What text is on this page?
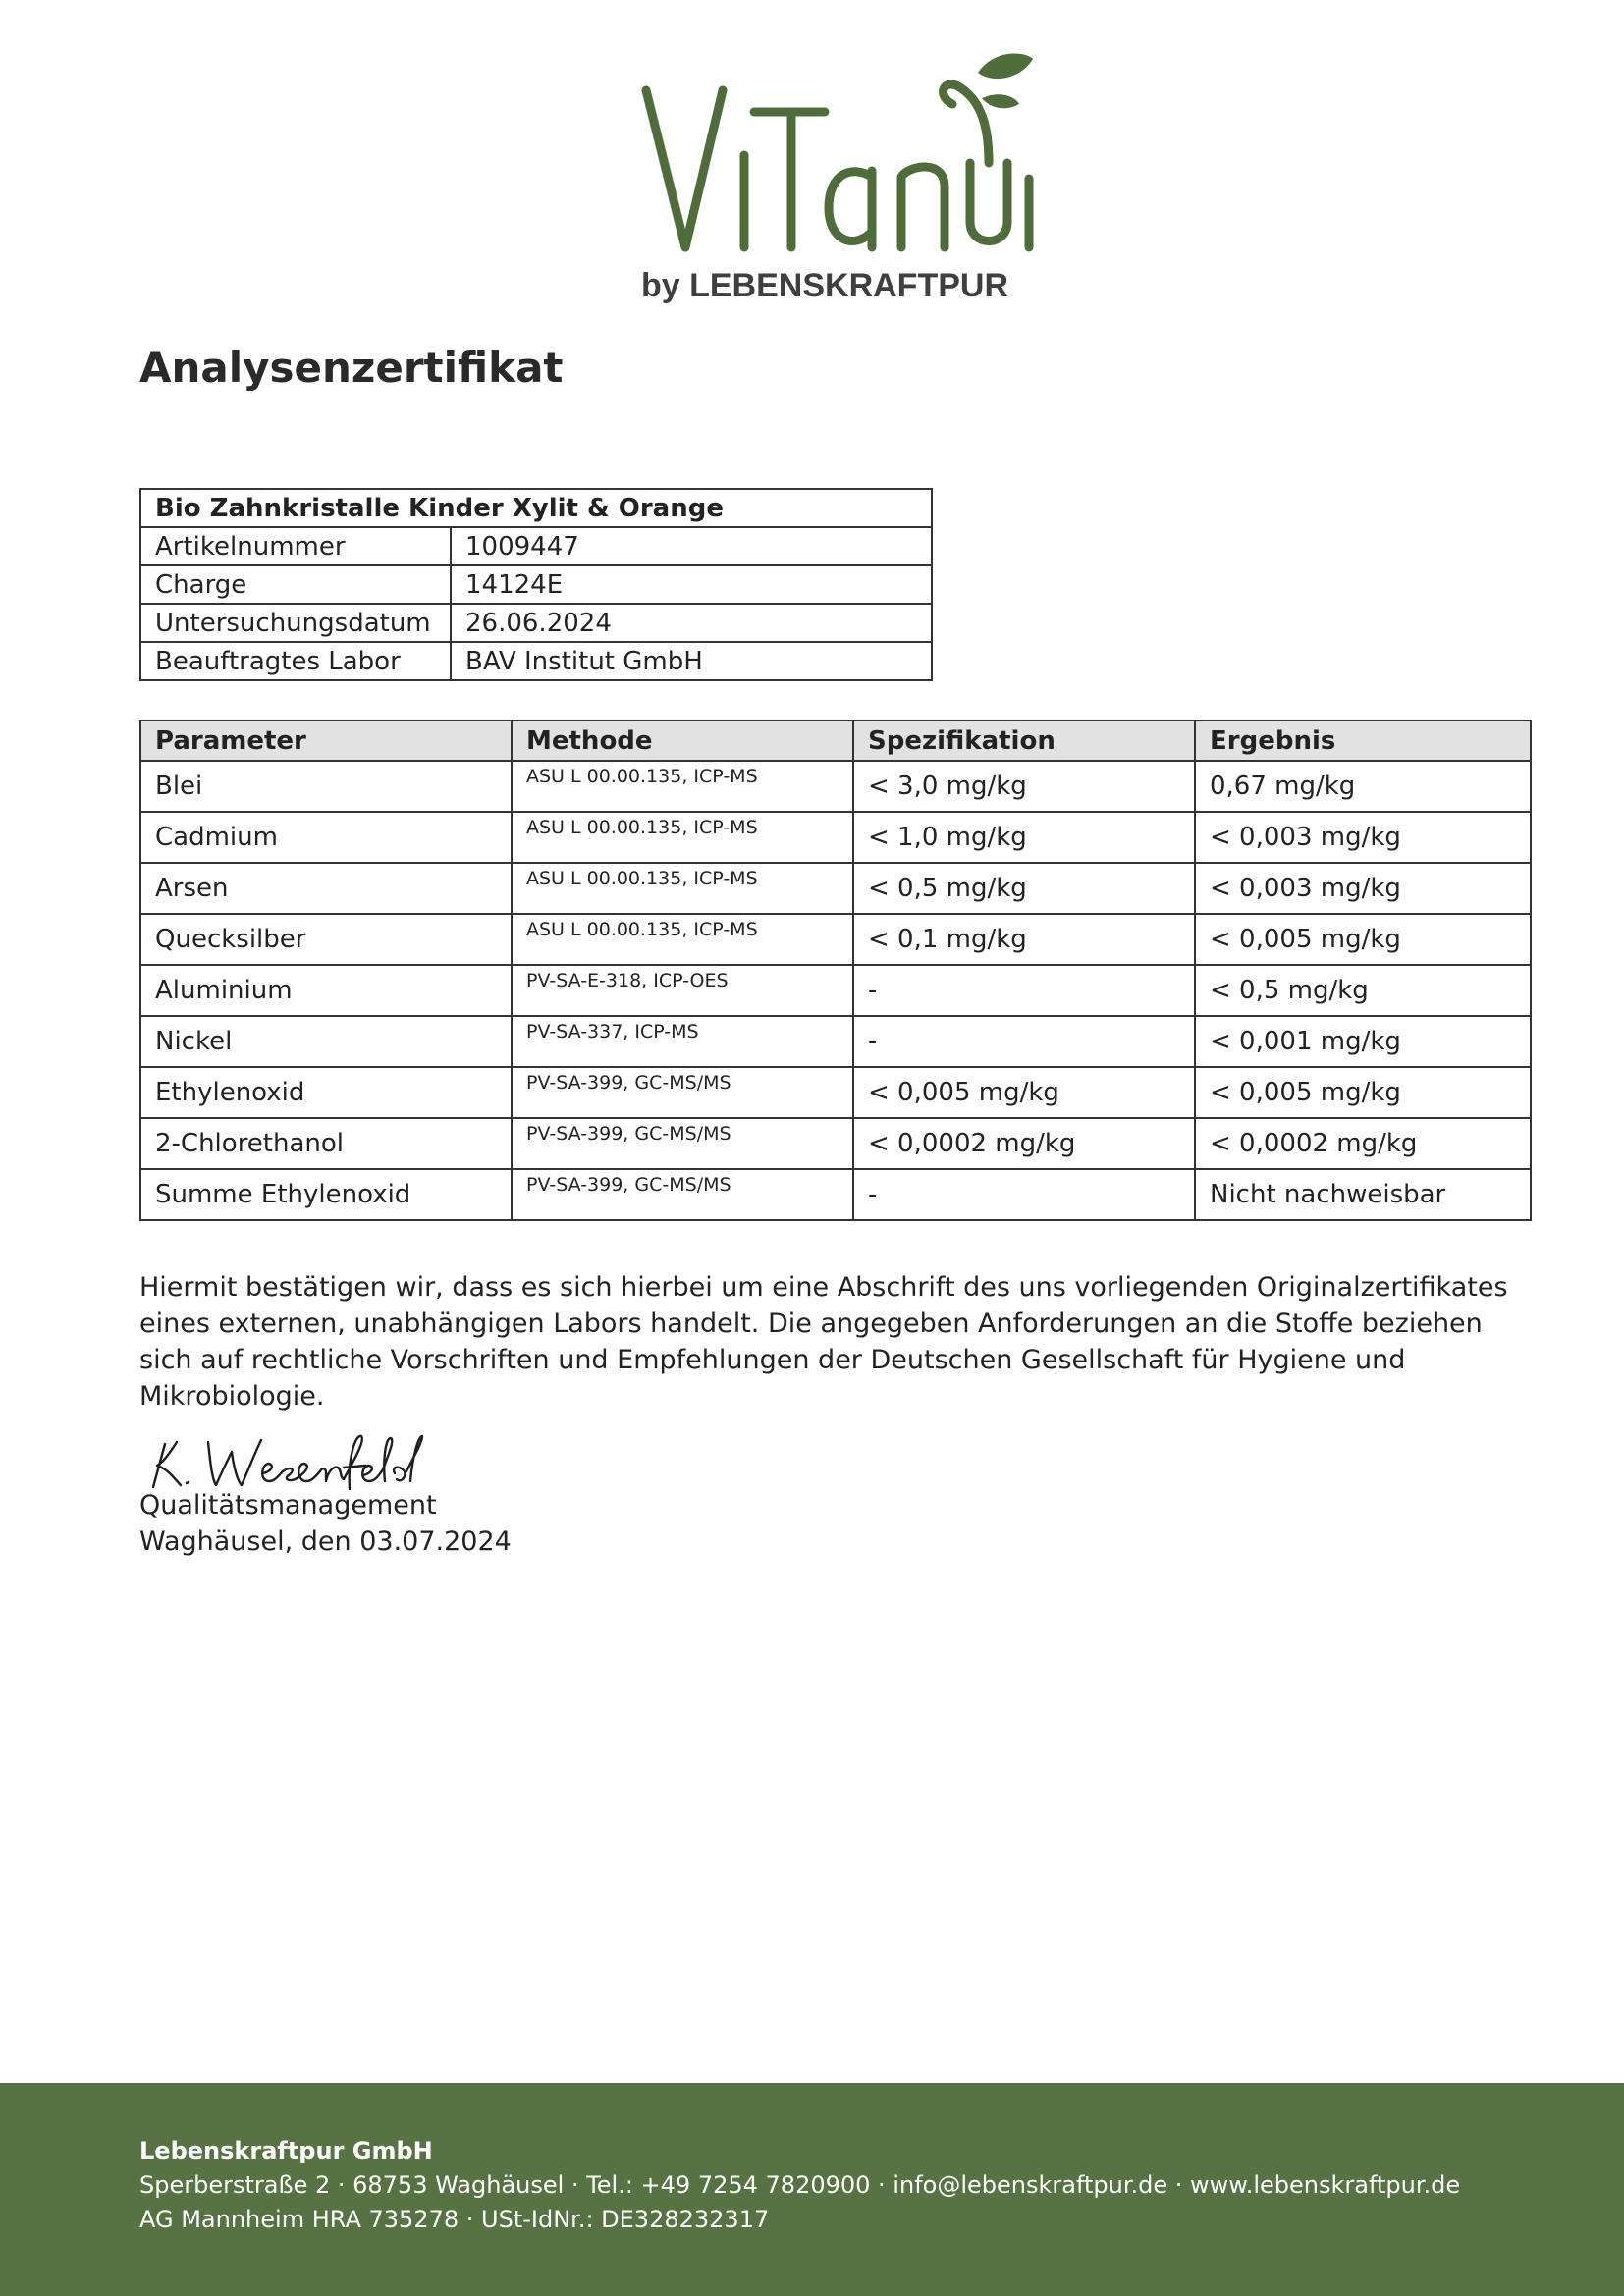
by LEBENSKRAFTPUR
Analysenzertifikat
Bio Zahnkristalle Kinder Xylit & Orange	
Artikelnummer	1009447
Charge	14124E
Untersuchungsdatum	26.06.2024
Beauftragtes Labor	BAV Institut GmbH
Parameter	Methode	Spezifikation	Ergebnis
Blei	ASU L 00.00.135, ICP-MS	< 3,0 mg/kg	0,67 mg/kg
Cadmium	ASU L 00.00.135, ICP-MS	< 1,0 mg/kg	< 0,003 mg/kg
Arsen	ASU L 00.00.135, ICP-MS	< 0,5 mg/kg	< 0,003 mg/kg
Quecksilber	ASU L 00.00.135, ICP-MS	< 0,1 mg/kg	< 0,005 mg/kg
Aluminium	PV-SA-E-318, ICP-OES	-	< 0,5 mg/kg
Nickel	PV-SA-337, ICP-MS	-	< 0,001 mg/kg
Ethylenoxid	PV-SA-399, GC-MS/MS	< 0,005 mg/kg	< 0,005 mg/kg
2-Chlorethanol	PV-SA-399, GC-MS/MS	< 0,0002 mg/kg	< 0,0002 mg/kg
Summe Ethylenoxid	PV-SA-399, GC-MS/MS	-	Nicht nachweisbar

Hiermit bestätigen wir, dass es sich hierbei um eine Abschrift des uns vorliegenden Originalzertifikates eines externen, unabhängigen Labors handelt. Die angegeben Anforderungen an die Stoffe beziehen sich auf rechtliche Vorschriften und Empfehlungen der Deutschen Gesellschaft für Hygiene und Mikrobiologie.

Qualitätsmanagement
Waghäusel, den 03.07.2024
Lebenskraftpur GmbH
Sperberstraße 2 · 68753 Waghäusel · Tel.: +49 7254 7820900 · info@lebenskraftpur.de · www.lebenskraftpur.de
AG Mannheim HRA 735278 · USt-IdNr.: DE328232317
